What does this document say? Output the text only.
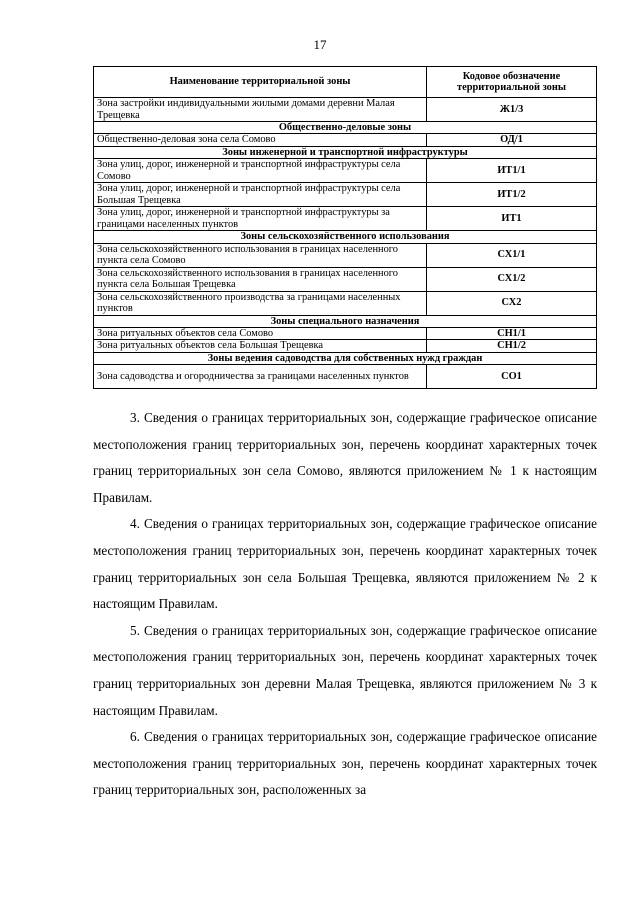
17
Наименование территориальной зоны	Кодовое обозначение территориальной зоны
Зона застройки индивидуальными жилыми домами деревни Малая Трещевка	Ж1/3
Общественно-деловые зоны	
Общественно-деловая зона села Сомово	ОД/1
Зоны инженерной и транспортной инфраструктуры	
Зона улиц, дорог, инженерной и транспортной инфраструктуры села Сомово	ИТ1/1
Зона улиц, дорог, инженерной и транспортной инфраструктуры села Большая Трещевка	ИТ1/2
Зона улиц, дорог, инженерной и транспортной инфраструктуры за границами населенных пунктов	ИТ1
Зоны сельскохозяйственного использования	
Зона сельскохозяйственного использования в границах населенного пункта села Сомово	СХ1/1
Зона сельскохозяйственного использования в границах населенного пункта села Большая Трещевка	СХ1/2
Зона сельскохозяйственного производства за границами населенных пунктов	СХ2
Зоны специального назначения	
Зона ритуальных объектов села Сомово	СН1/1
Зона ритуальных объектов села Большая Трещевка	СН1/2
Зоны ведения садоводства для собственных нужд граждан	
Зона садоводства и огородничества за границами населенных пунктов	СО1

3. Сведения о границах территориальных зон, содержащие графическое описание местоположения границ территориальных зон, перечень координат характерных точек границ территориальных зон села Сомово, являются приложением № 1 к настоящим Правилам.

4. Сведения о границах территориальных зон, содержащие графическое описание местоположения границ территориальных зон, перечень координат характерных точек границ территориальных зон села Большая Трещевка, являются приложением № 2 к настоящим Правилам.

5. Сведения о границах территориальных зон, содержащие графическое описание местоположения границ территориальных зон, перечень координат характерных точек границ территориальных зон деревни Малая Трещевка, являются приложением № 3 к настоящим Правилам.

6. Сведения о границах территориальных зон, содержащие графическое описание местоположения границ территориальных зон, перечень координат характерных точек границ территориальных зон, расположенных за
